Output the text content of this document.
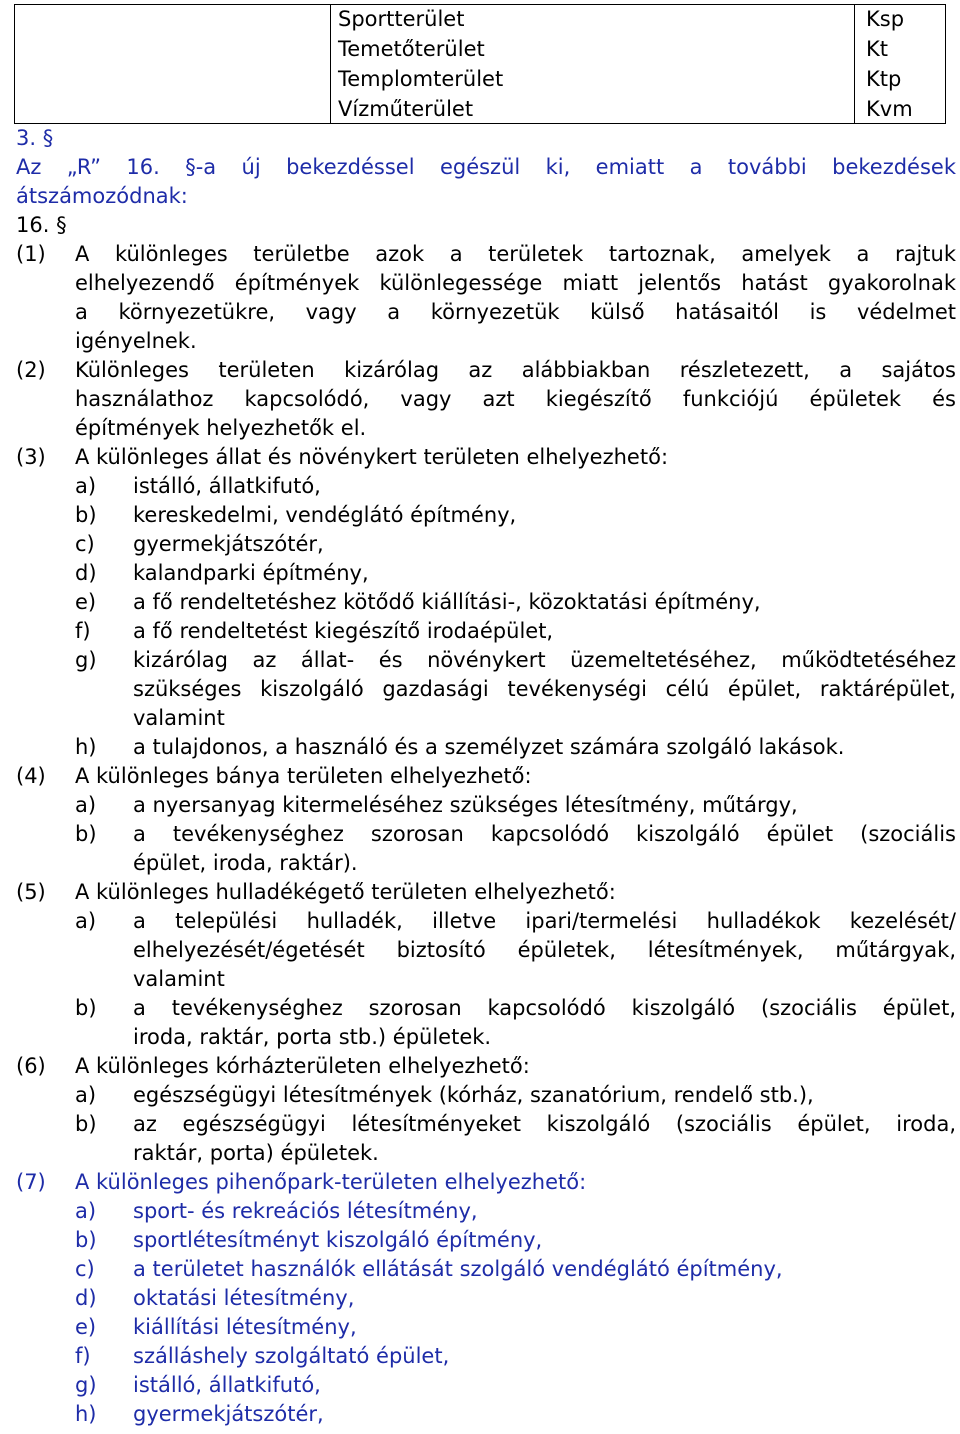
Sportterület	Ksp
Temetőterület	Kt
Templomterület	Ktp
Vízműterület	Kvm
3. §
Az „R” 16. §-a új bekezdéssel egészül ki, emiatt a további bekezdések
átszámozódnak:
16. §
(1) A különleges területbe azok a területek tartoznak, amelyek a rajtuk
elhelyezendő építmények különlegessége miatt jelentős hatást gyakorolnak
a környezetükre, vagy a környezetük külső hatásaitól is védelmet
igényelnek.
(2) Különleges területen kizárólag az alábbiakban részletezett, a sajátos
használathoz kapcsolódó, vagy azt kiegészítő funkciójú épületek és
építmények helyezhetők el.
(3) A különleges állat és növénykert területen elhelyezhető:
a) istálló, állatkifutó,
b) kereskedelmi, vendéglátó építmény,
c) gyermekjátszótér,
d) kalandparki építmény,
e) a fő rendeltetéshez kötődő kiállítási-, közoktatási építmény,
f) a fő rendeltetést kiegészítő irodaépület,
g) kizárólag az állat- és növénykert üzemeltetéséhez, működtetéséhez
szükséges kiszolgáló gazdasági tevékenységi célú épület, raktárépület,
valamint
h) a tulajdonos, a használó és a személyzet számára szolgáló lakások.
(4) A különleges bánya területen elhelyezhető:
a) a nyersanyag kitermeléséhez szükséges létesítmény, műtárgy,
b) a tevékenységhez szorosan kapcsolódó kiszolgáló épület (szociális
épület, iroda, raktár).
(5) A különleges hulladékégető területen elhelyezhető:
a) a települési hulladék, illetve ipari/termelési hulladékok kezelését/
elhelyezését/égetését biztosító épületek, létesítmények, műtárgyak,
valamint
b) a tevékenységhez szorosan kapcsolódó kiszolgáló (szociális épület,
iroda, raktár, porta stb.) épületek.
(6) A különleges kórházterületen elhelyezhető:
a) egészségügyi létesítmények (kórház, szanatórium, rendelő stb.),
b) az egészségügyi létesítményeket kiszolgáló (szociális épület, iroda,
raktár, porta) épületek.
(7) A különleges pihenőpark-területen elhelyezhető:
a) sport- és rekreációs létesítmény,
b) sportlétesítményt kiszolgáló építmény,
c) a területet használók ellátását szolgáló vendéglátó építmény,
d) oktatási létesítmény,
e) kiállítási létesítmény,
f) szálláshely szolgáltató épület,
g) istálló, állatkifutó,
h) gyermekjátszótér,
